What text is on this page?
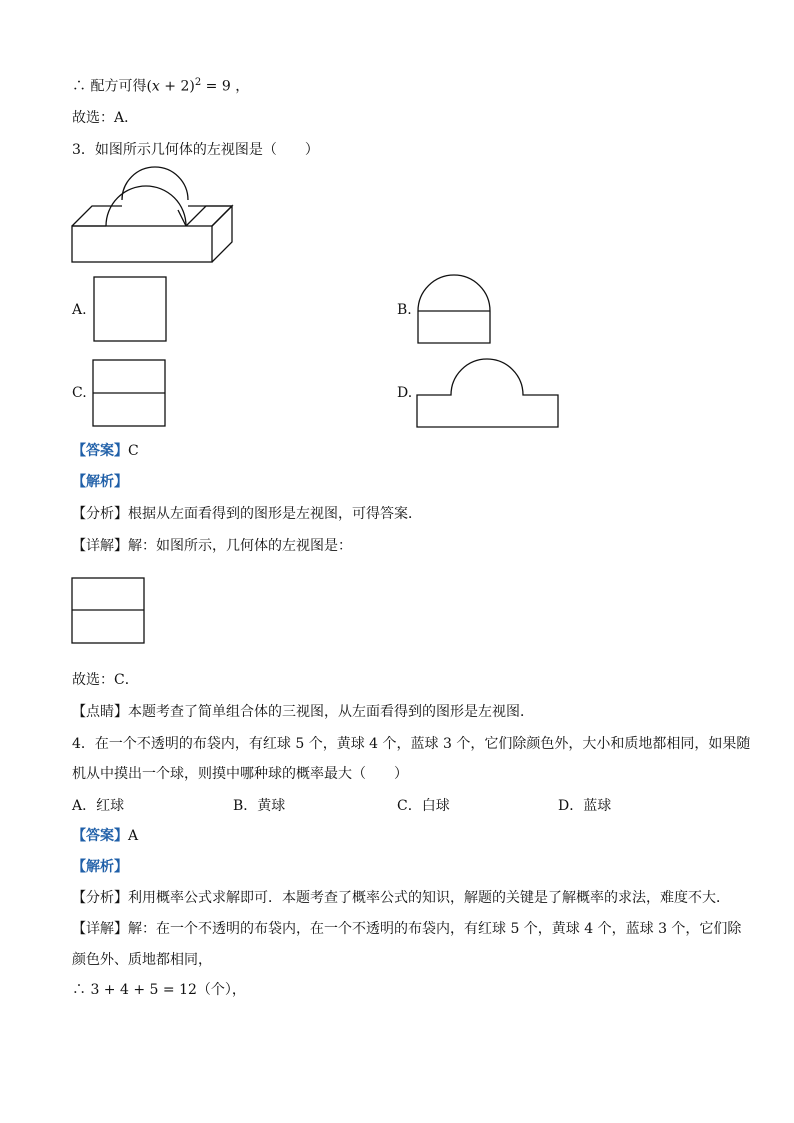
∴ 配方可得$(x + 2)^2 = 9$ ，
故选：A．
3．如图所示几何体的左视图是（　　）
A.	B.
C.	D.
【答案】C
【解析】
【分析】根据从左面看得到的图形是左视图，可得答案．
【详解】解：如图所示，几何体的左视图是：
故选：C．
【点睛】本题考查了简单组合体的三视图，从左面看得到的图形是左视图．
4．在一个不透明的布袋内，有红球 5 个，黄球 4 个，蓝球 3 个，它们除颜色外，大小和质地都相同，如果随
机从中摸出一个球，则摸中哪种球的概率最大（　　）
A．红球	B．黄球	C．白球	D．蓝球
【答案】A
【解析】
【分析】利用概率公式求解即可．本题考查了概率公式的知识，解题的关键是了解概率的求法，难度不大．
【详解】解：在一个不透明的布袋内，在一个不透明的布袋内，有红球 5 个，黄球 4 个，蓝球 3 个，它们除
颜色外、质地都相同，
∴ 3 + 4 + 5 = 12（个），
